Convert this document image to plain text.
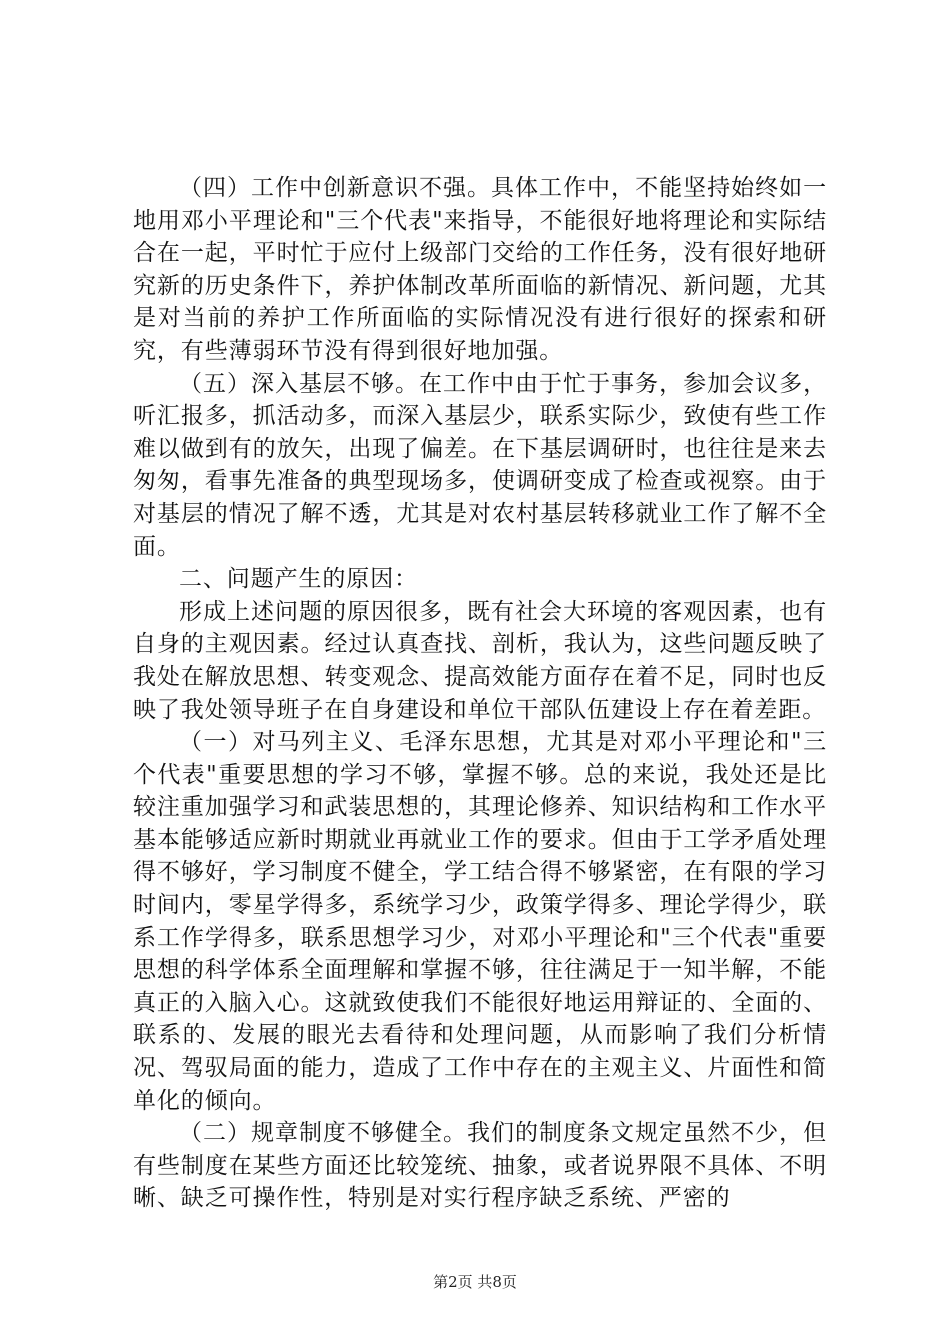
（四）工作中创新意识不强。具体工作中，不能坚持始终如一地用邓小平理论和"三个代表"来指导，不能很好地将理论和实际结合在一起，平时忙于应付上级部门交给的工作任务，没有很好地研究新的历史条件下，养护体制改革所面临的新情况、新问题，尤其是对当前的养护工作所面临的实际情况没有进行很好的探索和研究，有些薄弱环节没有得到很好地加强。

（五）深入基层不够。在工作中由于忙于事务，参加会议多，听汇报多，抓活动多，而深入基层少，联系实际少，致使有些工作难以做到有的放矢，出现了偏差。在下基层调研时，也往往是来去匆匆，看事先准备的典型现场多，使调研变成了检查或视察。由于对基层的情况了解不透，尤其是对农村基层转移就业工作了解不全面。

二、问题产生的原因：

形成上述问题的原因很多，既有社会大环境的客观因素，也有自身的主观因素。经过认真查找、剖析，我认为，这些问题反映了我处在解放思想、转变观念、提高效能方面存在着不足，同时也反映了我处领导班子在自身建设和单位干部队伍建设上存在着差距。

（一）对马列主义、毛泽东思想，尤其是对邓小平理论和"三个代表"重要思想的学习不够，掌握不够。总的来说，我处还是比较注重加强学习和武装思想的，其理论修养、知识结构和工作水平基本能够适应新时期就业再就业工作的要求。但由于工学矛盾处理得不够好，学习制度不健全，学工结合得不够紧密，在有限的学习时间内，零星学得多，系统学习少，政策学得多、理论学得少，联系工作学得多，联系思想学习少，对邓小平理论和"三个代表"重要思想的科学体系全面理解和掌握不够，往往满足于一知半解，不能真正的入脑入心。这就致使我们不能很好地运用辩证的、全面的、联系的、发展的眼光去看待和处理问题，从而影响了我们分析情况、驾驭局面的能力，造成了工作中存在的主观主义、片面性和简单化的倾向。

（二）规章制度不够健全。我们的制度条文规定虽然不少，但有些制度在某些方面还比较笼统、抽象，或者说界限不具体、不明晰、缺乏可操作性，特别是对实行程序缺乏系统、严密的

第2页 共8页
